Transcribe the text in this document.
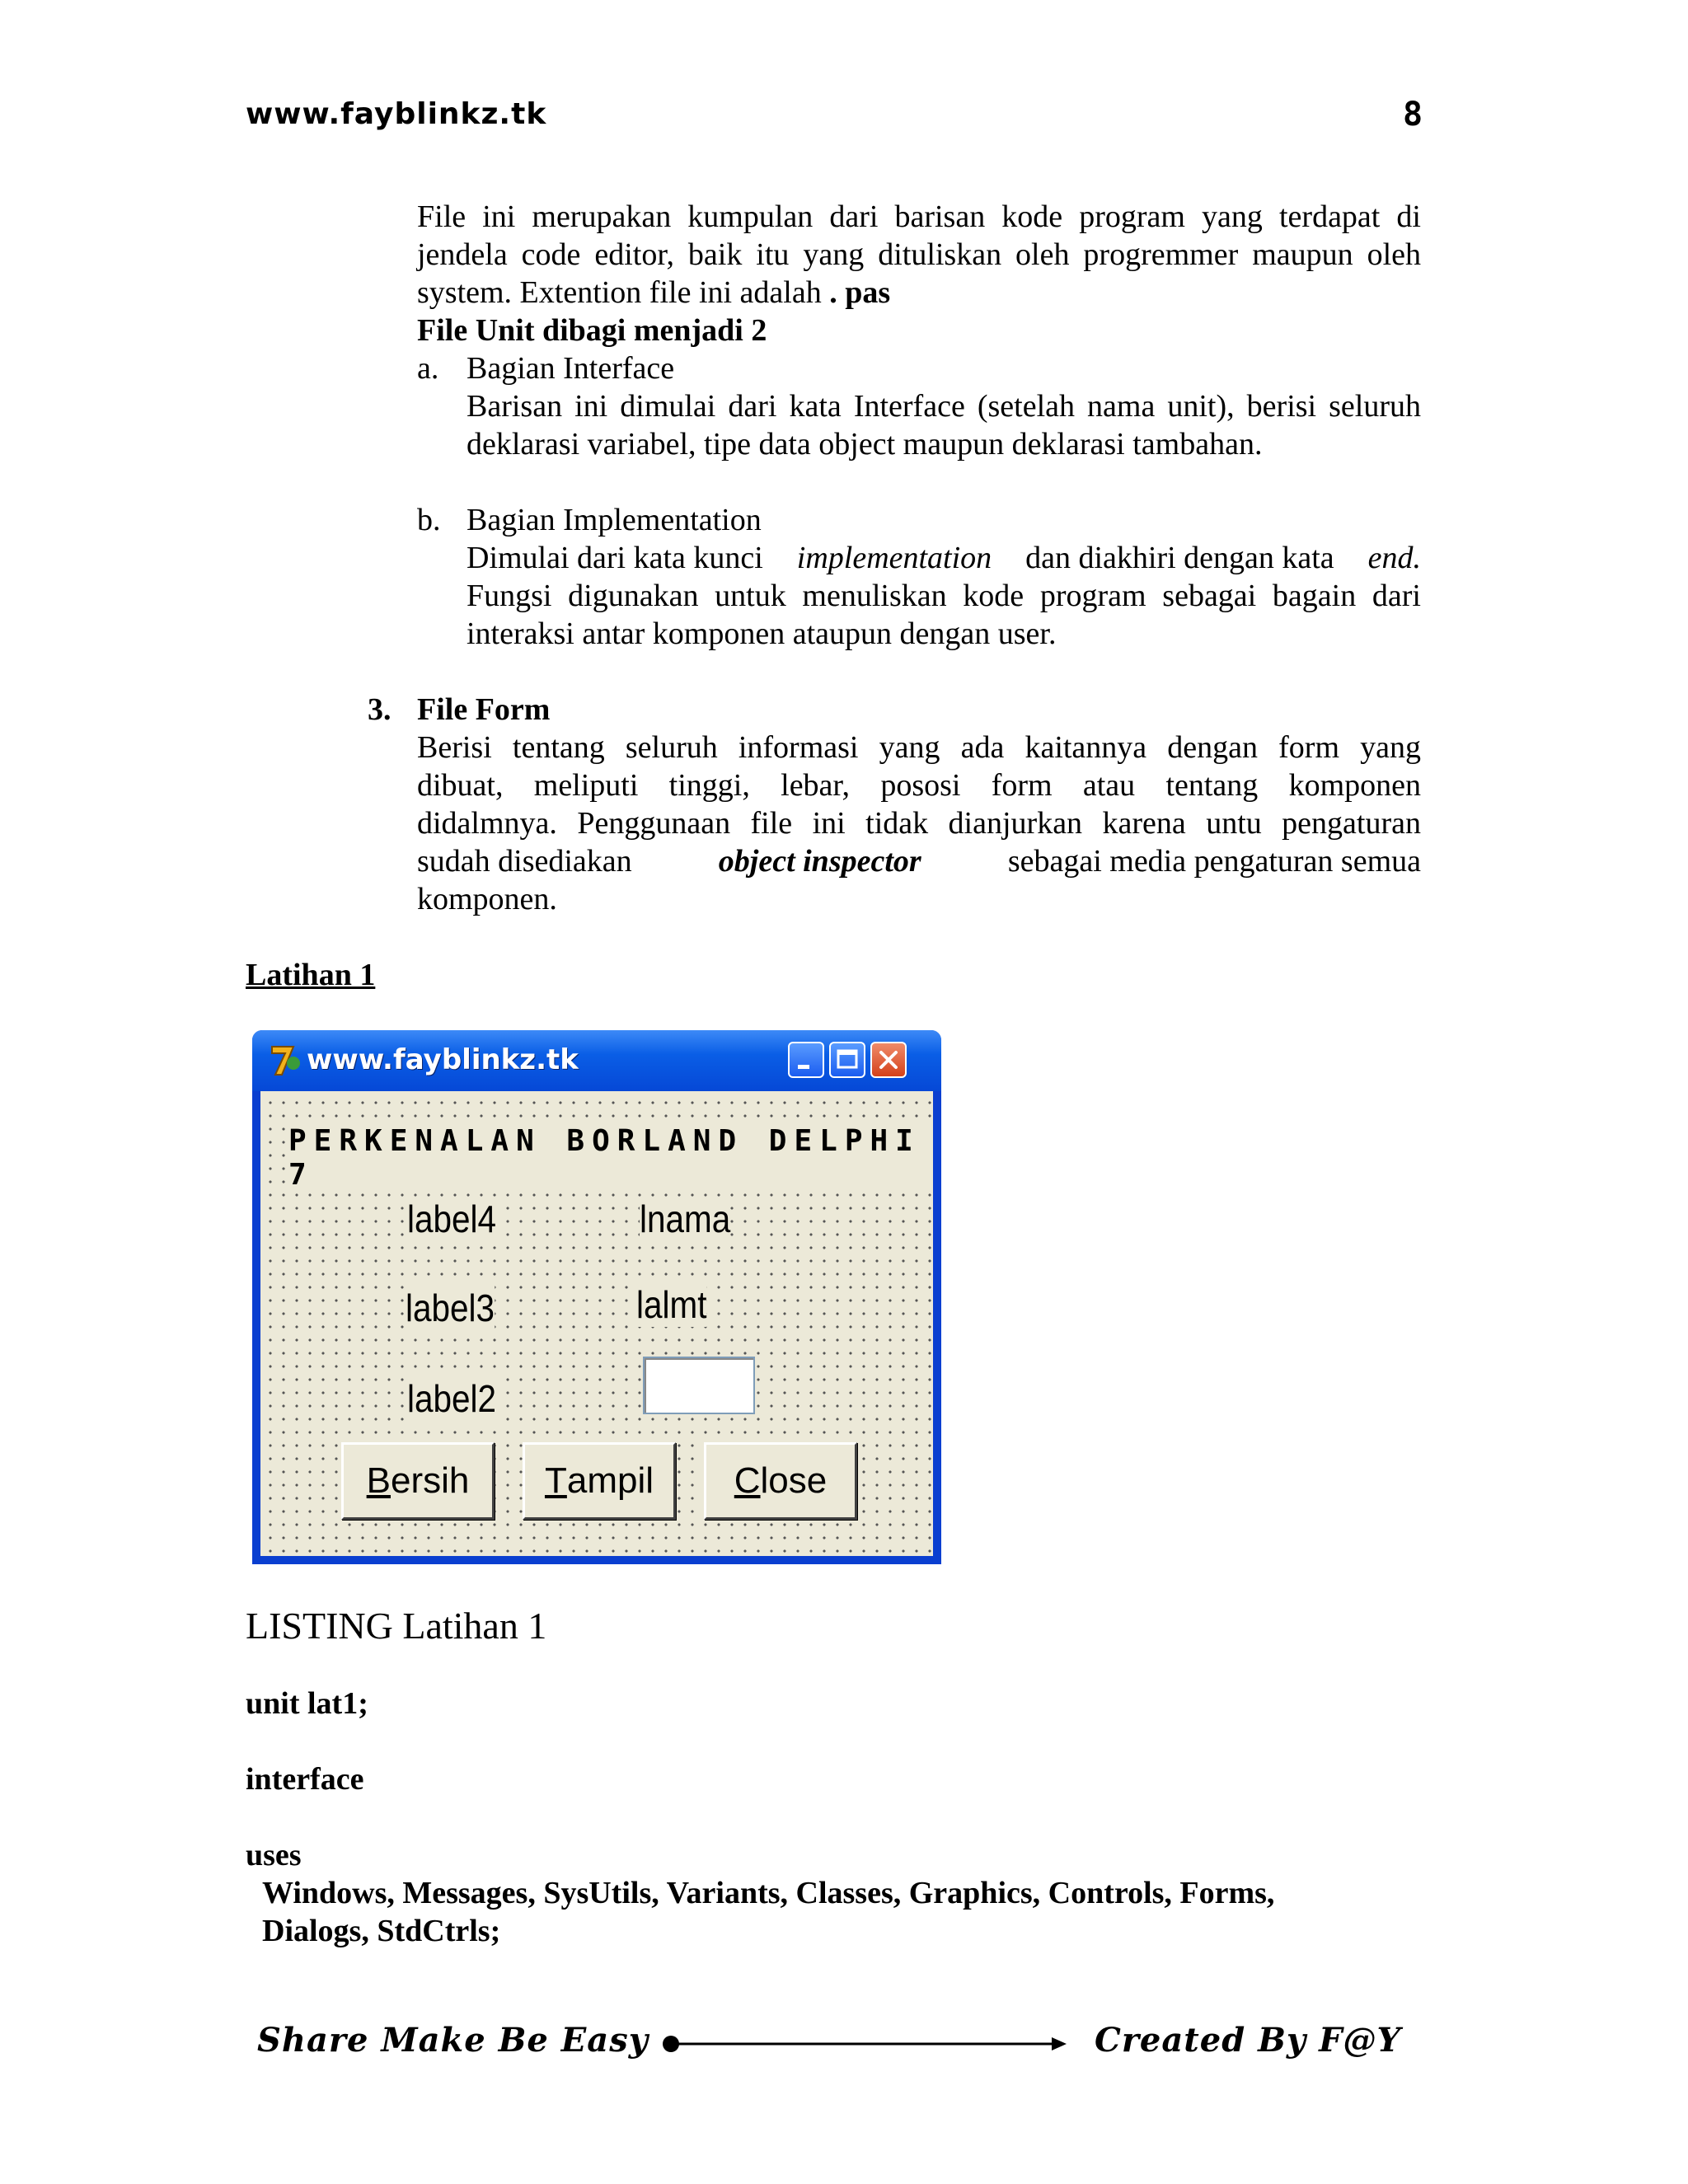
www.fayblinkz.tk	8
File ini merupakan kumpulan dari barisan kode program yang terdapat di
jendela code editor, baik itu yang dituliskan oleh progremmer maupun oleh
system. Extention file ini adalah . pas
File Unit dibagi menjadi 2
a. Bagian Interface
Barisan ini dimulai dari kata Interface (setelah nama unit), berisi seluruh
deklarasi variabel, tipe data object maupun deklarasi tambahan.
b. Bagian Implementation
Dimulai dari kata kunci implementation dan diakhiri dengan kata end.
Fungsi digunakan untuk menuliskan kode program sebagai bagain dari
interaksi antar komponen ataupun dengan user.
3. File Form
Berisi tentang seluruh informasi yang ada kaitannya dengan form yang
dibuat, meliputi tinggi, lebar, pososi form atau tentang komponen
didalmnya. Penggunaan file ini tidak dianjurkan karena untu pengaturan
sudah disediakan	object inspector	sebagai media pengaturan semua
komponen.
Latihan 1
www.fayblinkz.tk
PERKENALAN BORLAND DELPHI 7
label4
label3
label2
lnama
lalmt
B ersih T ampil C lose
LISTING Latihan 1
unit lat1;
interface
uses
Windows, Messages, SysUtils, Variants, Classes, Graphics, Controls, Forms,
Dialogs, StdCtrls;
Share Make Be Easy	Created By F@Y
